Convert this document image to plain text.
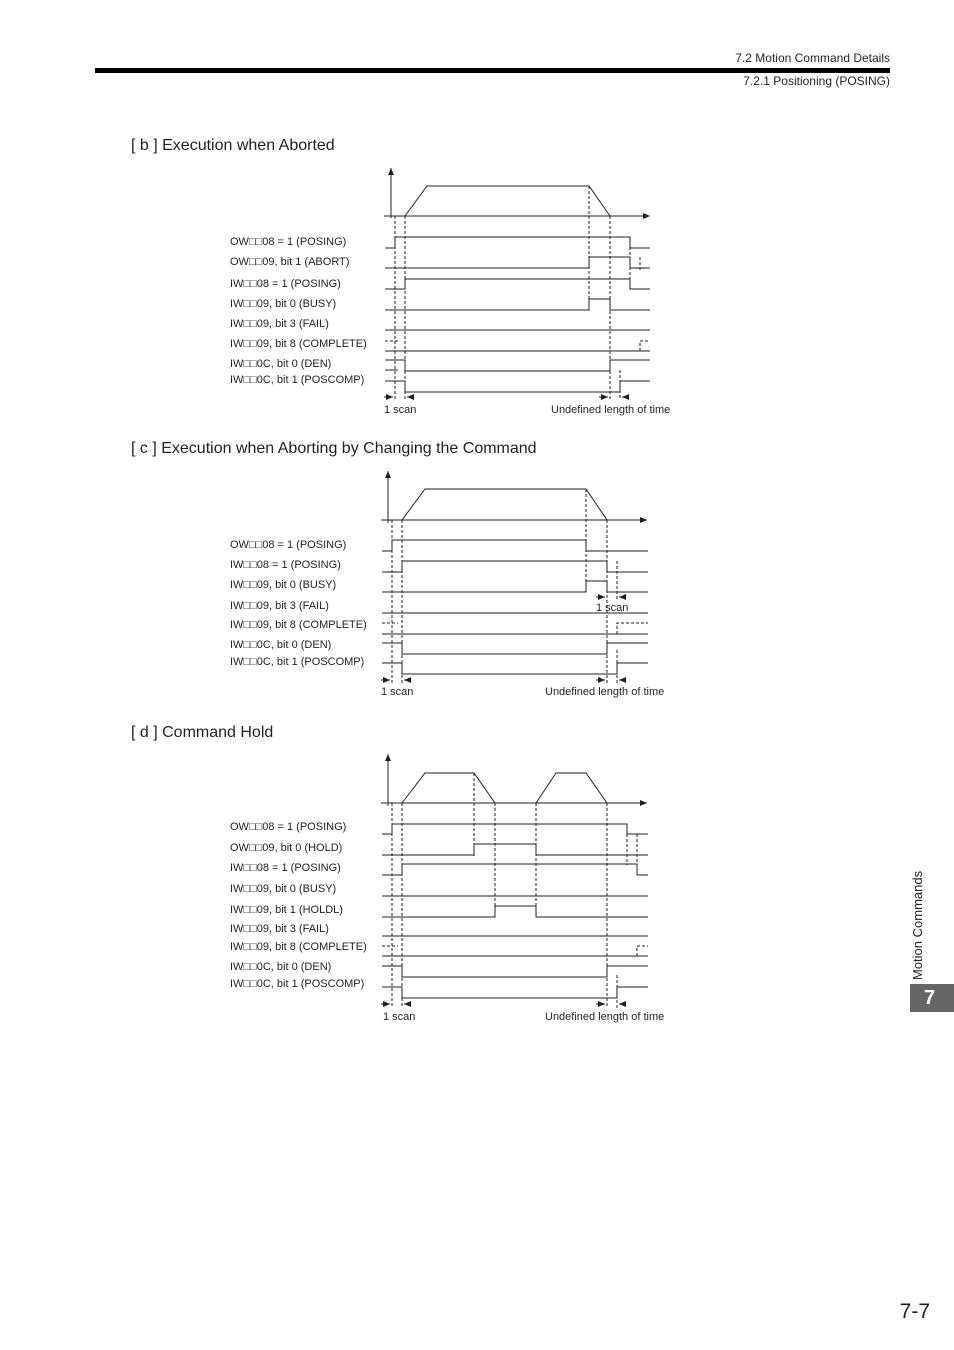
7.2 Motion Command Details
7.2.1 Positioning (POSING)
[ b ] Execution when Aborted
[ c ] Execution when Aborting by Changing the Command
[ d ] Command Hold
OW□□08 = 1 (POSING)
OW□□09, bit 1 (ABORT)
IW□□08 = 1 (POSING)
IW□□09, bit 0 (BUSY)
IW□□09, bit 3 (FAIL)
IW□□09, bit 8 (COMPLETE)
IW□□0C, bit 0 (DEN)
IW□□0C, bit 1 (POSCOMP)
1 scan	Undefined length of time
OW□□08 = 1 (POSING)
IW□□08 = 1 (POSING)
IW□□09, bit 0 (BUSY)
IW□□09, bit 3 (FAIL)
IW□□09, bit 8 (COMPLETE)
IW□□0C, bit 0 (DEN)
IW□□0C, bit 1 (POSCOMP)
1 scan
1 scan	Undefined length of time
OW□□08 = 1 (POSING)
OW□□09, bit 0 (HOLD)
IW□□08 = 1 (POSING)
IW□□09, bit 0 (BUSY)
IW□□09, bit 1 (HOLDL)
IW□□09, bit 3 (FAIL)
IW□□09, bit 8 (COMPLETE)
IW□□0C, bit 0 (DEN)
IW□□0C, bit 1 (POSCOMP)
1 scan	Undefined length of time
Motion Commands
7
7-7
